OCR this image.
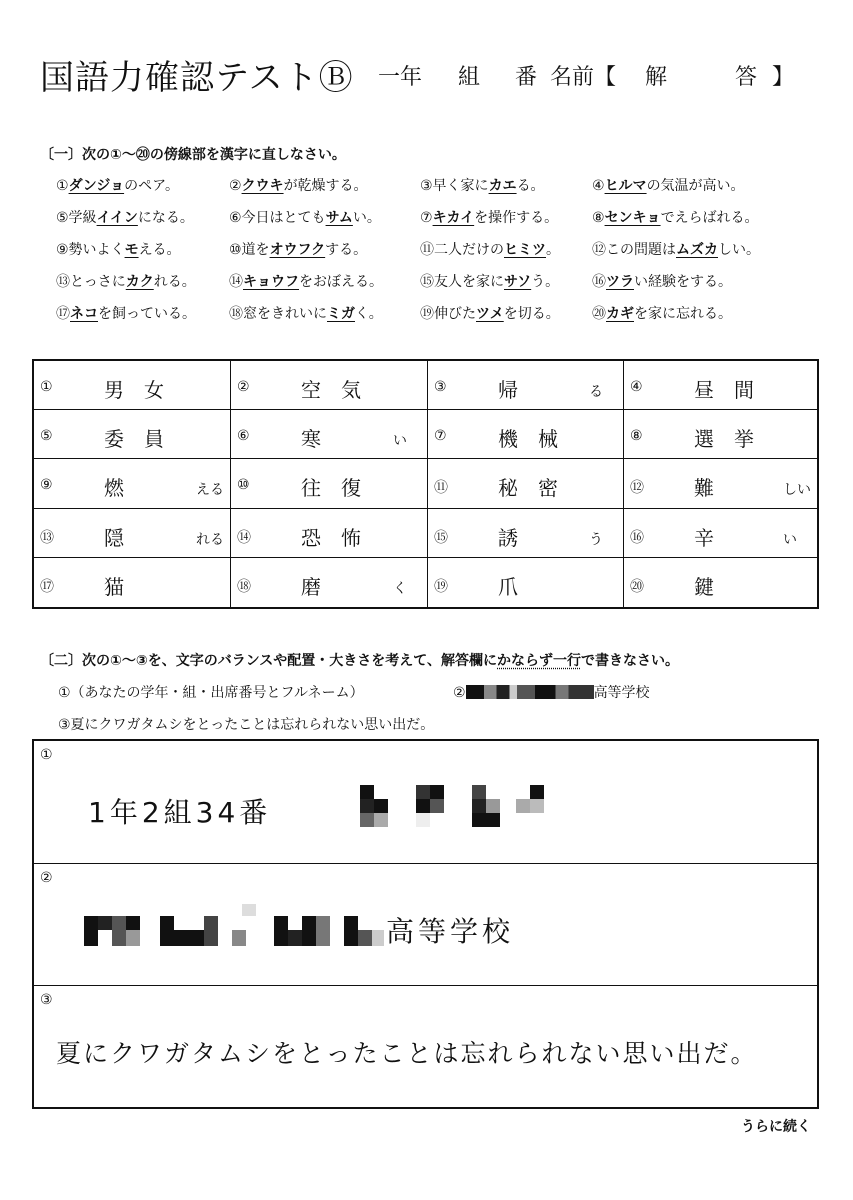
国語力確認テストⒷ 一年 組 番 名前【 解	答 】
〔一〕次の①〜⑳の傍線部を漢字に直しなさい。
①ダンジョのペア。	②クウキが乾燥する。	③早く家にカエる。	④ヒルマの気温が高い。
⑤学級イインになる。	⑥今日はとてもサムい。	⑦キカイを操作する。 ⑧センキョでえらばれる。
⑨勢いよくモえる。	⑩道をオウフクする。	⑪二人だけのヒミツ。 ⑫この問題はムズカしい。
⑬とっさにカクれる。 ⑭キョウフをおぼえる。	⑮友人を家にサソう。 ⑯ツラい経験をする。
⑰ネコを飼っている。 ⑱窓をきれいにミガく。	⑲伸びたツメを切る。 ⑳カギを家に忘れる。
①	男　女	②	空　気	③	帰	る ④	昼　間
⑤	委　員	⑥	寒	い ⑦	機　械	⑧	選　挙
⑨	燃	える ⑩	往　復	⑪	秘　密	⑫	難	しい
⑬	隠	れる ⑭	恐　怖	⑮	誘	う ⑯	辛	い
⑰	猫	⑱	磨	く ⑲	爪	⑳	鍵
〔二〕次の①〜③を、文字のバランスや配置・大きさを考えて、解答欄にかならず一行で書きなさい。
①（あなたの学年・組・出席番号とフルネーム）	②	高等学校
③夏にクワガタムシをとったことは忘れられない思い出だ。
①
1年2組34番
②
高等学校
③
夏にクワガタムシをとったことは忘れられない思い出だ。
うらに続く
